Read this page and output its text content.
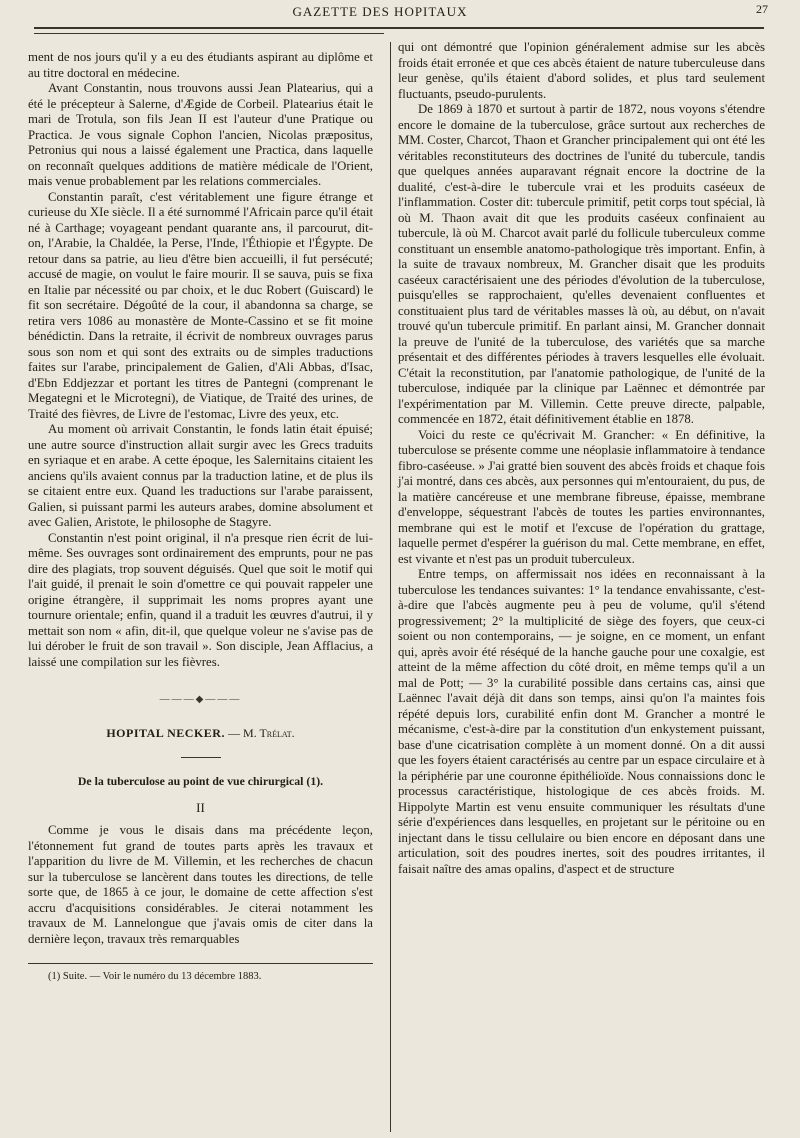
GAZETTE DES HOPITAUX	27

ment de nos jours qu'il y a eu des étudiants aspirant au diplôme et au titre doctoral en médecine.

Avant Constantin, nous trouvons aussi Jean Platearius, qui a été le précepteur à Salerne, d'Ægide de Corbeil. Platearius était le mari de Trotula, son fils Jean II est l'auteur d'une Pratique ou Practica. Je vous signale Cophon l'ancien, Nicolas præpositus, Petronius qui nous a laissé également une Practica, dans laquelle on reconnaît quelques additions de matière médicale de l'Orient, mais venue probablement par les relations commerciales.

Constantin paraît, c'est véritablement une figure étrange et curieuse du XIe siècle. Il a été surnommé l'Africain parce qu'il était né à Carthage; voyageant pendant quarante ans, il parcourut, dit-on, l'Arabie, la Chaldée, la Perse, l'Inde, l'Éthiopie et l'Égypte. De retour dans sa patrie, au lieu d'être bien accueilli, il fut persécuté; accusé de magie, on voulut le faire mourir. Il se sauva, puis se fixa en Italie par nécessité ou par choix, et le duc Robert (Guiscard) le fit son secrétaire. Dégoûté de la cour, il abandonna sa charge, se retira vers 1086 au monastère de Monte-Cassino et se fit moine bénédictin. Dans la retraite, il écrivit de nombreux ouvrages parus sous son nom et qui sont des extraits ou de simples traductions faites sur l'arabe, principalement de Galien, d'Ali Abbas, d'Isac, d'Ebn Eddjezzar et portant les titres de Pantegni (comprenant le Megategni et le Microtegni), de Viatique, de Traité des urines, de Traité des fièvres, de Livre de l'estomac, Livre des yeux, etc.

Au moment où arrivait Constantin, le fonds latin était épuisé; une autre source d'instruction allait surgir avec les Grecs traduits en syriaque et en arabe. A cette époque, les Salernitains citaient les anciens qu'ils avaient connus par la traduction latine, et de plus ils se citaient entre eux. Quand les traductions sur l'arabe paraissent, Galien, si puissant parmi les auteurs arabes, domine absolument et avec Galien, Aristote, le philosophe de Stagyre.

Constantin n'est point original, il n'a presque rien écrit de lui-même. Ses ouvrages sont ordinairement des emprunts, pour ne pas dire des plagiats, trop souvent déguisés. Quel que soit le motif qui l'ait guidé, il prenait le soin d'omettre ce qui pouvait rappeler une origine étrangère, il supprimait les noms propres ayant une tournure orientale; enfin, quand il a traduit les œuvres d'autrui, il y mettait son nom « afin, dit-il, que quelque voleur ne s'avise pas de lui dérober le fruit de son travail ». Son disciple, Jean Afflacius, a laissé une compilation sur les fièvres.

———◆———
HOPITAL NECKER. — M. Trélat.
De la tuberculose au point de vue chirurgical (1).
II

Comme je vous le disais dans ma précédente leçon, l'étonnement fut grand de toutes parts après les travaux et l'apparition du livre de M. Villemin, et les recherches de chacun sur la tuberculose se lancèrent dans toutes les directions, de telle sorte que, de 1865 à ce jour, le domaine de cette affection s'est accru d'acquisitions considérables. Je citerai notamment les travaux de M. Lannelongue que j'avais omis de citer dans la dernière leçon, travaux très remarquables

(1) Suite. — Voir le numéro du 13 décembre 1883.

qui ont démontré que l'opinion généralement admise sur les abcès froids était erronée et que ces abcès étaient de nature tuberculeuse dans leur genèse, qu'ils étaient d'abord solides, et plus tard seulement fluctuants, pseudo-purulents.

De 1869 à 1870 et surtout à partir de 1872, nous voyons s'étendre encore le domaine de la tuberculose, grâce surtout aux recherches de MM. Coster, Charcot, Thaon et Grancher principalement qui ont été les véritables reconstituteurs des doctrines de l'unité du tubercule, tandis que quelques années auparavant régnait encore la doctrine de la dualité, c'est-à-dire le tubercule vrai et les produits caséeux de l'inflammation. Coster dit: tubercule primitif, petit corps tout spécial, là où M. Thaon avait dit que les produits caséeux confinaient au tubercule, là où M. Charcot avait parlé du follicule tuberculeux comme constituant un ensemble anatomo-pathologique très important. Enfin, à la suite de travaux nombreux, M. Grancher disait que les produits caséeux caractérisaient une des périodes d'évolution de la tuberculose, puisqu'elles se rapprochaient, qu'elles devenaient confluentes et constituaient plus tard de véritables masses là où, au début, on n'avait trouvé qu'un tubercule primitif. En parlant ainsi, M. Grancher donnait la preuve de l'unité de la tuberculose, des variétés que sa marche présentait et des différentes périodes à travers lesquelles elle évoluait. C'était la reconstitution, par l'anatomie pathologique, de l'unité de la tuberculose, indiquée par la clinique par Laënnec et démontrée par l'expérimentation par M. Villemin. Cette preuve directe, palpable, commencée en 1872, était définitivement établie en 1878.

Voici du reste ce qu'écrivait M. Grancher: « En définitive, la tuberculose se présente comme une néoplasie inflammatoire à tendance fibro-caséeuse. » J'ai gratté bien souvent des abcès froids et chaque fois j'ai montré, dans ces abcès, aux personnes qui m'entouraient, du pus, de la matière cancéreuse et une membrane fibreuse, épaisse, membrane d'enveloppe, séquestrant l'abcès de toutes les parties environnantes, membrane qui est le motif et l'excuse de l'opération du grattage, laquelle permet d'espérer la guérison du mal. Cette membrane, en effet, est vivante et n'est pas un produit tuberculeux.

Entre temps, on affermissait nos idées en reconnaissant à la tuberculose les tendances suivantes: 1° la tendance envahissante, c'est-à-dire que l'abcès augmente peu à peu de volume, qu'il s'étend progressivement; 2° la multiplicité de siège des foyers, que ceux-ci soient ou non contemporains, — je soigne, en ce moment, un enfant qui, après avoir été réséqué de la hanche gauche pour une coxalgie, est atteint de la même affection du côté droit, en même temps qu'il a un mal de Pott; — 3° la curabilité possible dans certains cas, ainsi que Laënnec l'avait déjà dit dans son temps, ainsi qu'on l'a maintes fois répété depuis lors, curabilité enfin dont M. Grancher a montré le mécanisme, c'est-à-dire par la constitution d'un enkystement puissant, base d'une cicatrisation complète à un moment donné. On a dit aussi que les foyers étaient caractérisés au centre par un espace circulaire et à la périphérie par une couronne épithélioïde. Nous connaissions donc le processus caractéristique, histologique de ces abcès froids. M. Hippolyte Martin est venu ensuite communiquer les résultats d'une série d'expériences dans lesquelles, en projetant sur le péritoine ou en injectant dans le tissu cellulaire ou bien encore en déposant dans une articulation, soit des poudres inertes, soit des poudres irritantes, il faisait naître des amas opalins, d'aspect et de structure
